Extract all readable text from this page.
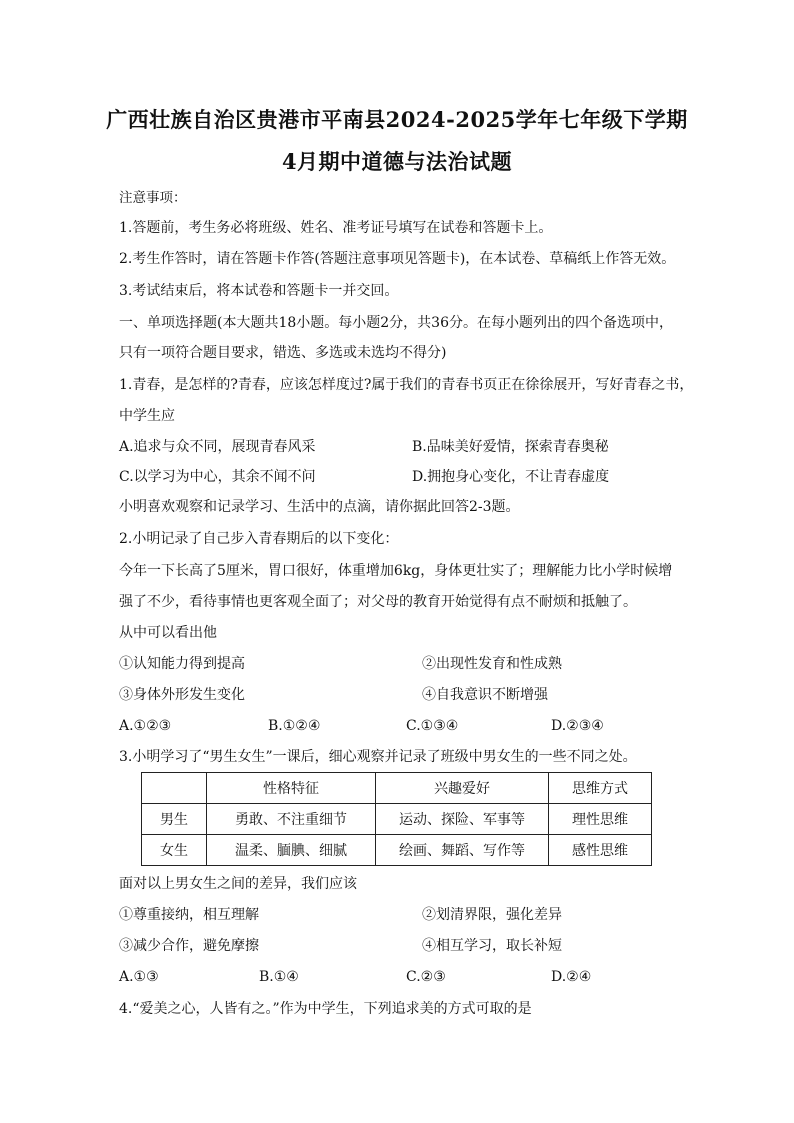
广西壮族自治区贵港市平南县2024-2025学年七年级下学期
4月期中道德与法治试题
注意事项：
1.答题前，考生务必将班级、姓名、准考证号填写在试卷和答题卡上。
2.考生作答时，请在答题卡作答(答题注意事项见答题卡)，在本试卷、草稿纸上作答无效。
3.考试结束后，将本试卷和答题卡一并交回。
一、单项选择题(本大题共18小题。每小题2分，共36分。在每小题列出的四个备选项中，
只有一项符合题目要求，错选、多选或未选均不得分)
1.青春，是怎样的?青春，应该怎样度过?属于我们的青春书页正在徐徐展开，写好青春之书，
中学生应
A.追求与众不同，展现青春风采	B.品味美好爱情，探索青春奥秘
C.以学习为中心，其余不闻不问	D.拥抱身心变化，不让青春虚度
小明喜欢观察和记录学习、生活中的点滴，请你据此回答2-3题。
2.小明记录了自己步入青春期后的以下变化：
今年一下长高了5厘米，胃口很好，体重增加6kg，身体更壮实了；理解能力比小学时候增
强了不少，看待事情也更客观全面了；对父母的教育开始觉得有点不耐烦和抵触了。
从中可以看出他
①认知能力得到提高	②出现性发育和性成熟
③身体外形发生变化	④自我意识不断增强
A.①②③	B.①②④	C.①③④	D.②③④
3.小明学习了“男生女生”一课后，细心观察并记录了班级中男女生的一些不同之处。
	性格特征	兴趣爱好	思维方式
男生	勇敢、不注重细节	运动、探险、军事等	理性思维
女生	温柔、腼腆、细腻	绘画、舞蹈、写作等	感性思维
面对以上男女生之间的差异，我们应该
①尊重接纳，相互理解	②划清界限，强化差异
③减少合作，避免摩擦	④相互学习，取长补短
A.①③	B.①④	C.②③	D.②④
4.“爱美之心，人皆有之。”作为中学生，下列追求美的方式可取的是
